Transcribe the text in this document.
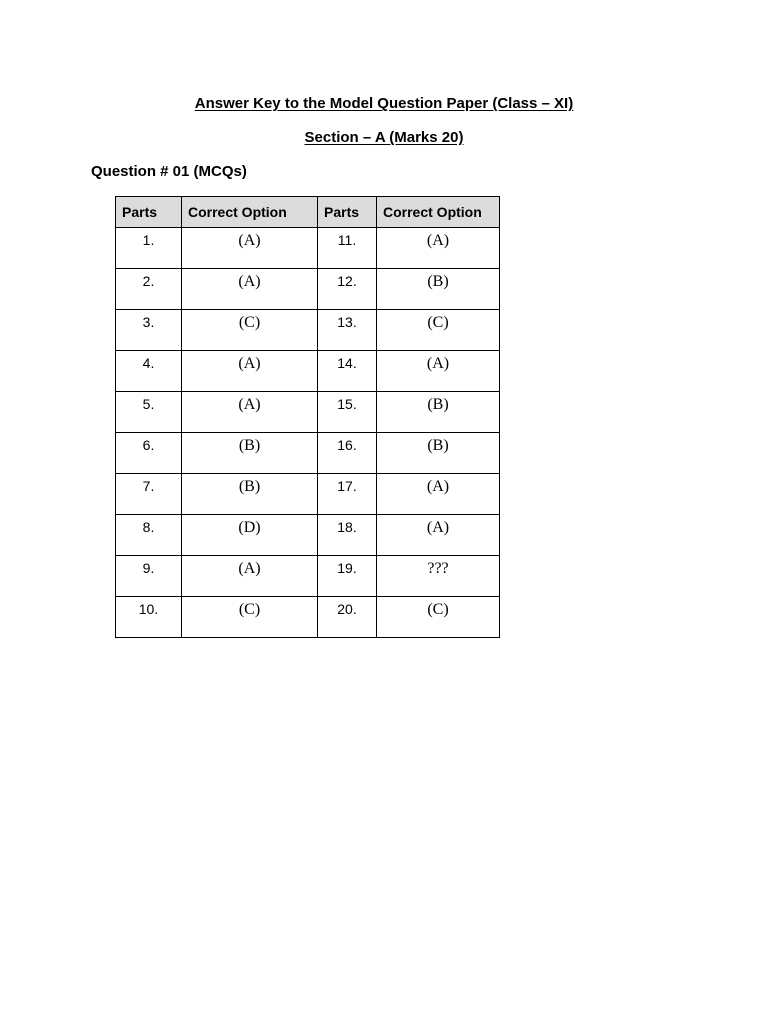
Answer Key to the Model Question Paper (Class – XI)
Section – A (Marks 20)
Question # 01 (MCQs)
Parts	Correct Option	Parts	Correct Option
1.	(A)	11.	(A)
2.	(A)	12.	(B)
3.	(C)	13.	(C)
4.	(A)	14.	(A)
5.	(A)	15.	(B)
6.	(B)	16.	(B)
7.	(B)	17.	(A)
8.	(D)	18.	(A)
9.	(A)	19.	???
10.	(C)	20.	(C)
